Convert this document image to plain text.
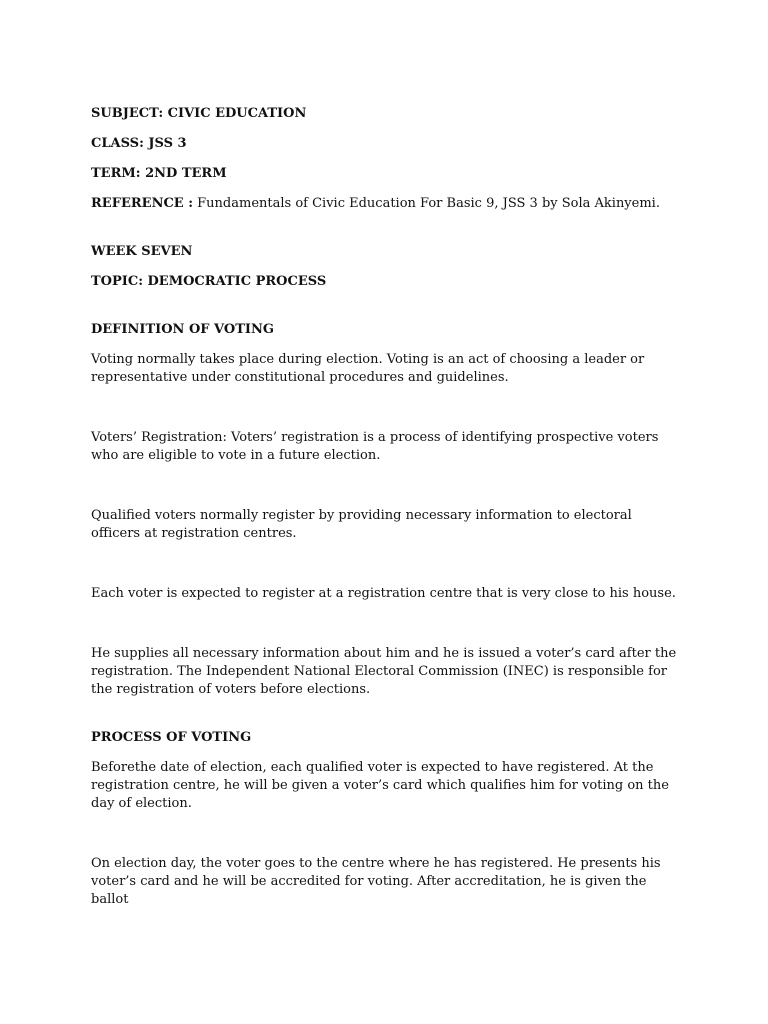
SUBJECT: CIVIC EDUCATION

CLASS: JSS 3

TERM: 2ND TERM

REFERENCE : Fundamentals of Civic Education For Basic 9, JSS 3 by Sola Akinyemi.

WEEK SEVEN

TOPIC: DEMOCRATIC PROCESS

DEFINITION OF VOTING

Voting normally takes place during election. Voting is an act of choosing a leader or representative under constitutional procedures and guidelines.

Voters’ Registration: Voters’ registration is a process of identifying prospective voters who are eligible to vote in a future election.

Qualified voters normally register by providing necessary information to electoral officers at registration centres.

Each voter is expected to register at a registration centre that is very close to his house.

He supplies all necessary information about him and he is issued a voter’s card after the registration. The Independent National Electoral Commission (INEC) is responsible for the registration of voters before elections.

PROCESS OF VOTING

Beforethe date of election, each qualified voter is expected to have registered. At the registration centre, he will be given a voter’s card which qualifies him for voting on the day of election.

On election day, the voter goes to the centre where he has registered. He presents his voter’s card and he will be accredited for voting. After accreditation, he is given the ballot
